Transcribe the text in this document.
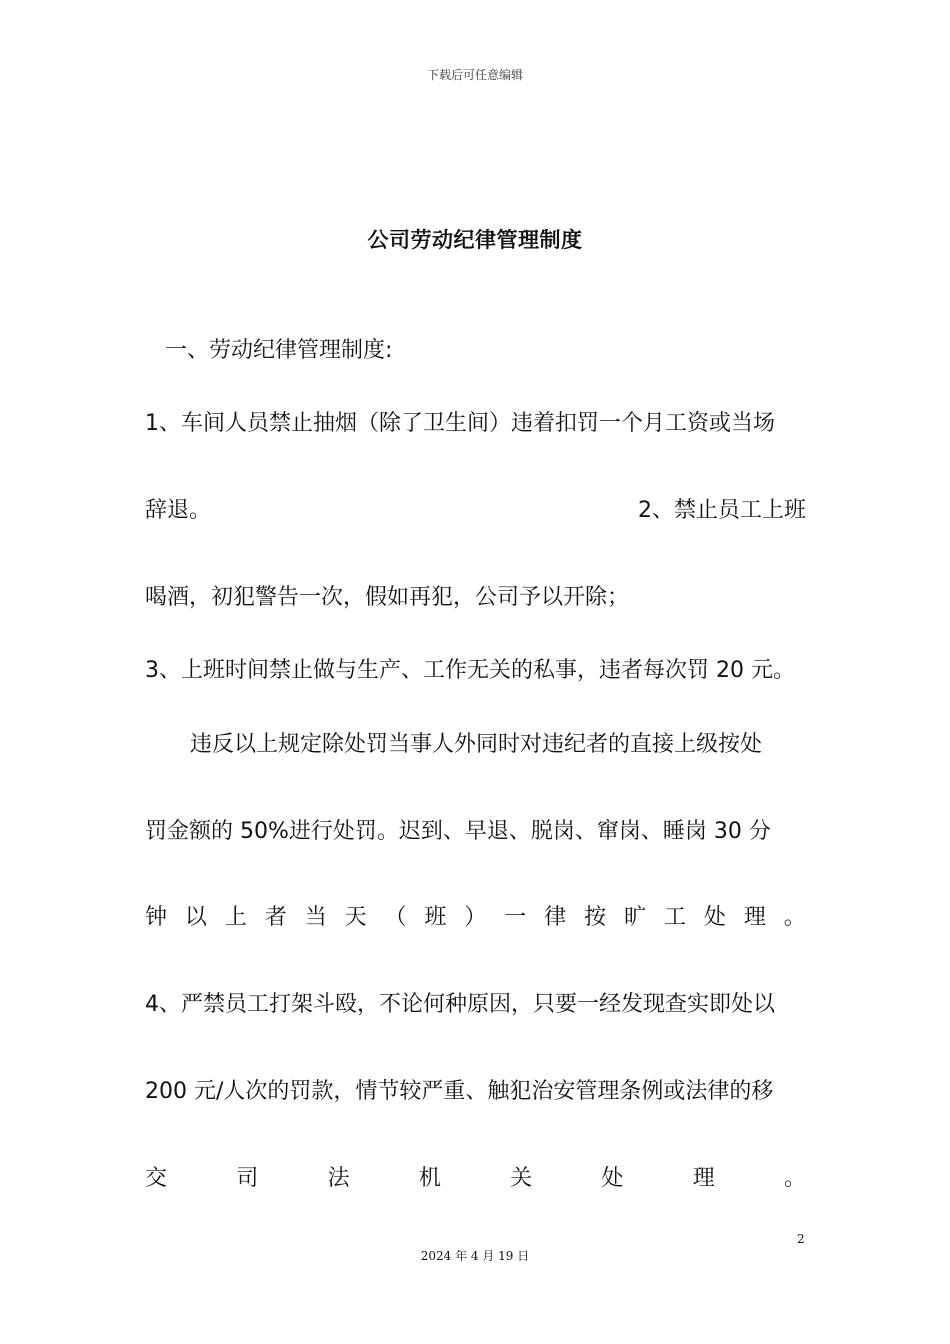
下载后可任意编辑
公司劳动纪律管理制度
一、劳动纪律管理制度:
1、车间人员禁止抽烟（除了卫生间）违着扣罚一个月工资或当场
辞退。	2、禁止员工上班
喝酒，初犯警告一次，假如再犯，公司予以开除；
3、上班时间禁止做与生产、工作无关的私事，违者每次罚 20 元。
违反以上规定除处罚当事人外同时对违纪者的直接上级按处
罚金额的 50%进行处罚。迟到、早退、脱岗、窜岗、睡岗 30 分
钟 以 上 者 当 天 （ 班 ） 一 律 按 旷 工 处 理 。
4、严禁员工打架斗殴，不论何种原因，只要一经发现查实即处以
200 元/人次的罚款，情节较严重、触犯治安管理条例或法律的移
交	司	法	机	关	处	理	。
2
2024 年 4 月 19 日
